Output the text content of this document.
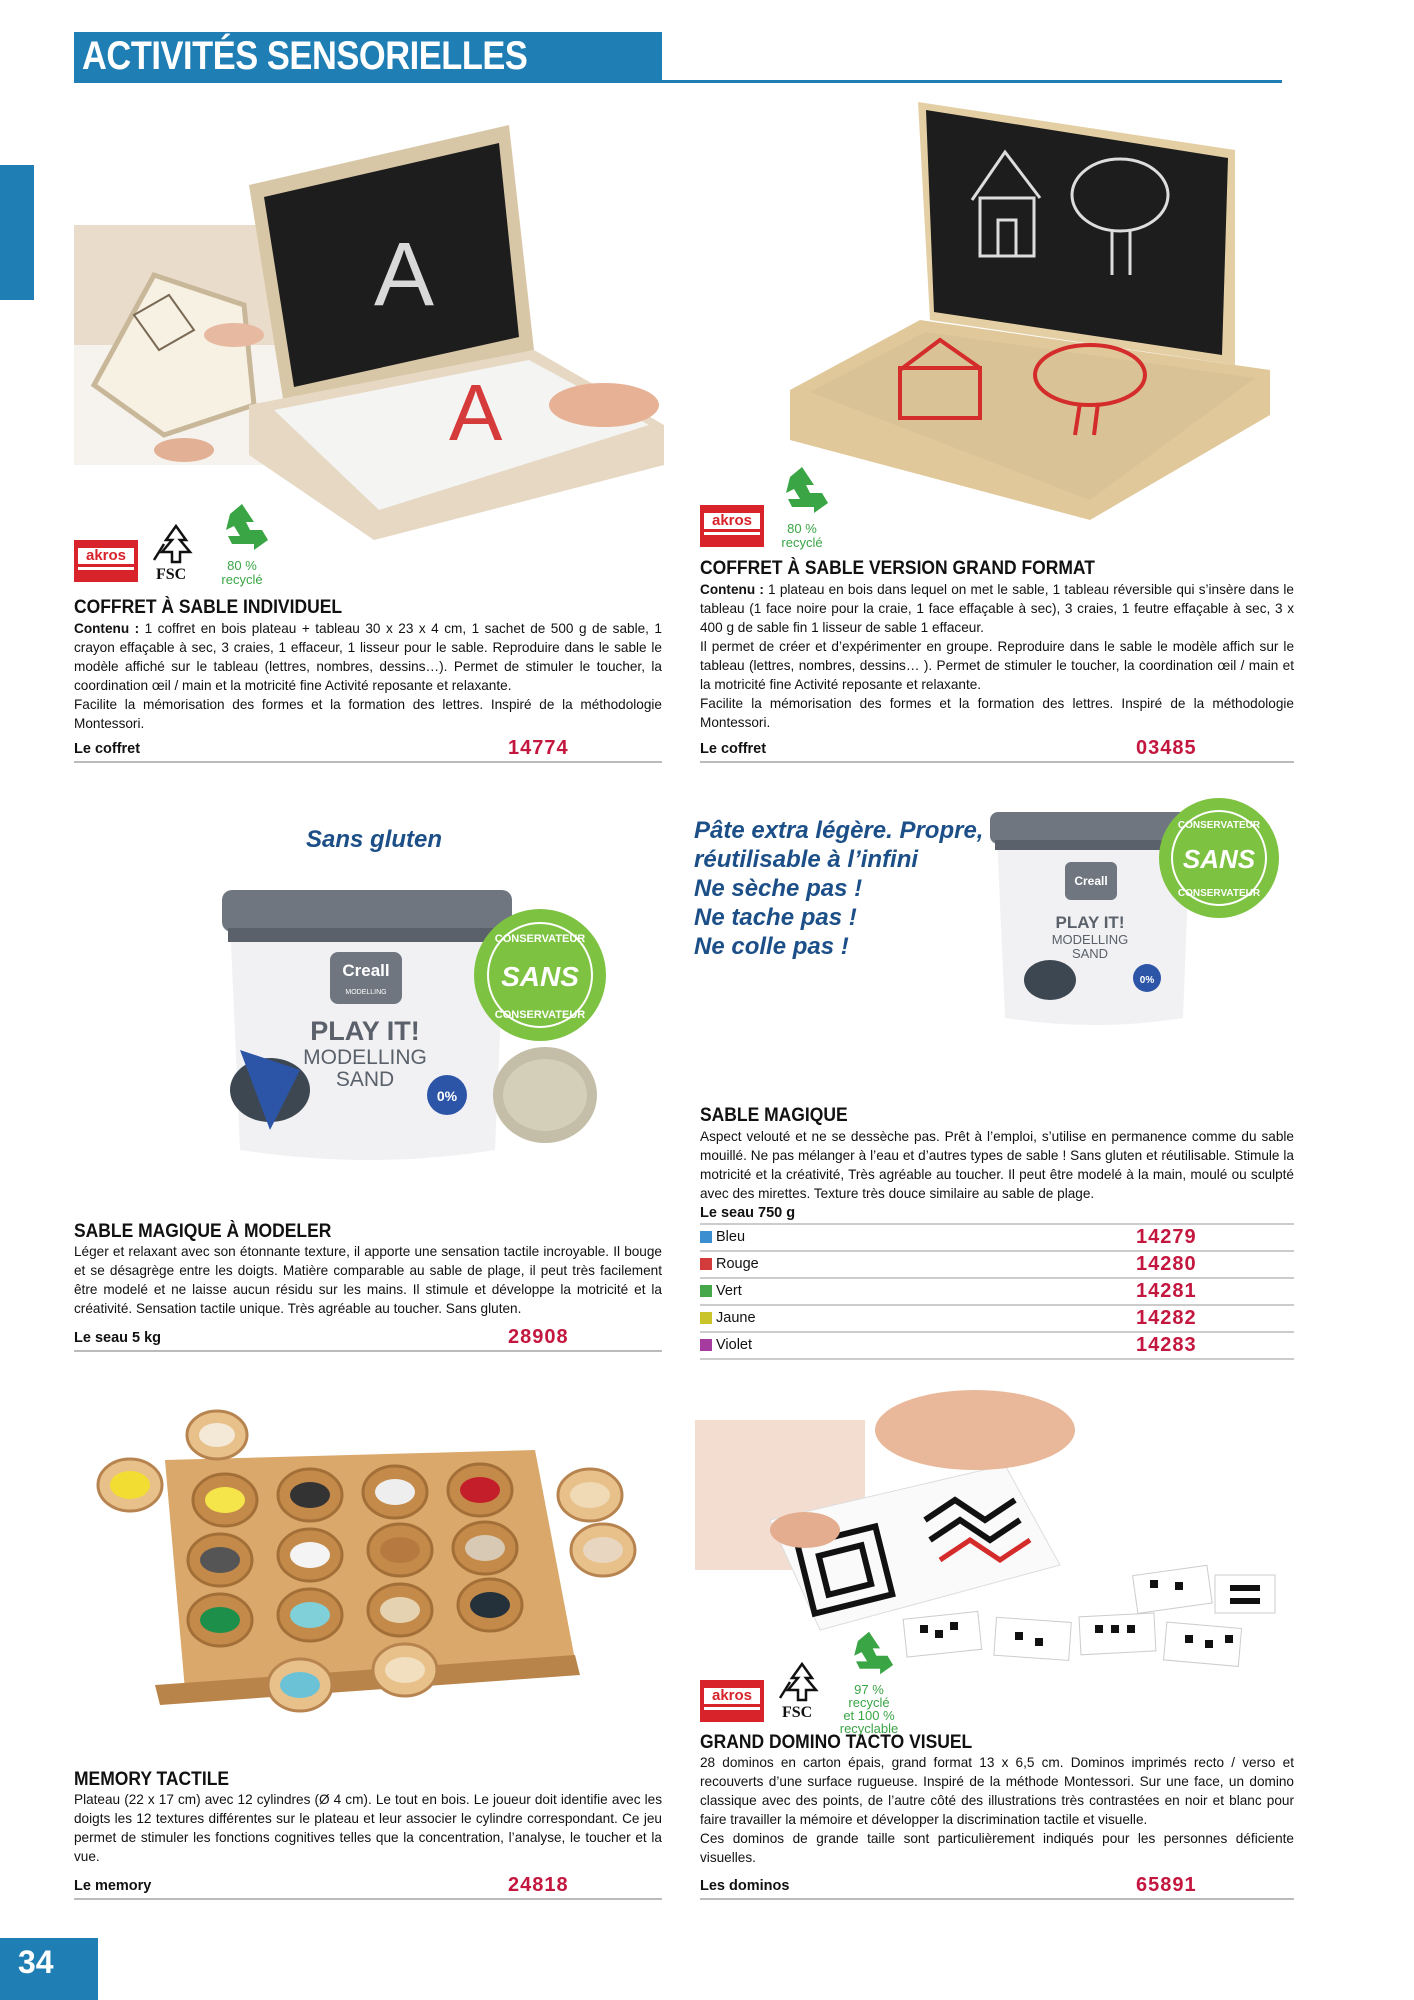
ACTIVITÉS SENSORIELLES
A
A
akros
FSC
80 %
recyclé
COFFRET À SABLE INDIVIDUEL
Contenu : 1 coffret en bois plateau + tableau 30 x 23 x 4 cm, 1 sachet de 500 g de sable, 1 crayon effaçable à sec, 3 craies, 1 effaceur, 1 lisseur pour le sable. Reproduire dans le sable le modèle affiché sur le tableau (lettres, nombres, dessins…). Permet de stimuler le toucher, la coordination œil / main et la motricité fine Activité reposante et relaxante.
Facilite la mémorisation des formes et la formation des lettres. Inspiré de la méthodologie Montessori.
Le coffret	14774
akros	80 %
recyclé
COFFRET À SABLE VERSION GRAND FORMAT
Contenu : 1 plateau en bois dans lequel on met le sable, 1 tableau réversible qui s’insère dans le tableau (1 face noire pour la craie, 1 face effaçable à sec), 3 craies, 1 feutre effaçable à sec, 3 x 400 g de sable fin 1 lisseur de sable 1 effaceur.
Il permet de créer et d’expérimenter en groupe. Reproduire dans le sable le modèle affich sur le tableau (lettres, nombres, dessins… ). Permet de stimuler le toucher, la coordination œil / main et la motricité fine Activité reposante et relaxante.
Facilite la mémorisation des formes et la formation des lettres. Inspiré de la méthodologie Montessori.
Le coffret	03485
Sans gluten
Creall
MODELLING
PLAY IT!
MODELLING
SAND
0%
CONSERVATEUR
SANS
CONSERVATEUR
SABLE MAGIQUE À MODELER
Léger et relaxant avec son étonnante texture, il apporte une sensation tactile incroyable. Il bouge et se désagrège entre les doigts. Matière comparable au sable de plage, il peut très facilement être modelé et ne laisse aucun résidu sur les mains. Il stimule et développe la motricité et la créativité. Sensation tactile unique. Très agréable au toucher. Sans gluten.
Le seau 5 kg	28908
Pâte extra légère. Propre,
réutilisable à l’infini
Ne sèche pas !
Ne tache pas !
Ne colle pas !
Creall
PLAY IT!
MODELLING
SAND
0%
CONSERVATEUR
SANS
CONSERVATEUR
SABLE MAGIQUE
Aspect velouté et ne se dessèche pas. Prêt à l’emploi, s’utilise en permanence comme du sable mouillé. Ne pas mélanger à l’eau et d’autres types de sable ! Sans gluten et réutilisable. Stimule la motricité et la créativité, Très agréable au toucher. Il peut être modelé à la main, moulé ou sculpté avec des mirettes. Texture très douce similaire au sable de plage.
Le seau 750 g
Bleu	14279
Rouge	14280
Vert	14281
Jaune	14282
Violet	14283
MEMORY TACTILE
Plateau (22 x 17 cm) avec 12 cylindres (Ø 4 cm). Le tout en bois. Le joueur doit identifie avec les doigts les 12 textures différentes sur le plateau et leur associer le cylindre correspondant. Ce jeu permet de stimuler les fonctions cognitives telles que la concentration, l’analyse, le toucher et la vue.
Le memory	24818
akros
FSC
97 %
recyclé
et 100 %
recyclable
GRAND DOMINO TACTO VISUEL
28 dominos en carton épais, grand format 13 x 6,5 cm. Dominos imprimés recto / verso et recouverts d’une surface rugueuse. Inspiré de la méthode Montessori. Sur une face, un domino classique avec des points, de l’autre côté des illustrations très contrastées en noir et blanc pour faire travailler la mémoire et développer la discrimination tactile et visuelle.
Ces dominos de grande taille sont particulièrement indiqués pour les personnes déficiente visuelles.
Les dominos	65891
34
